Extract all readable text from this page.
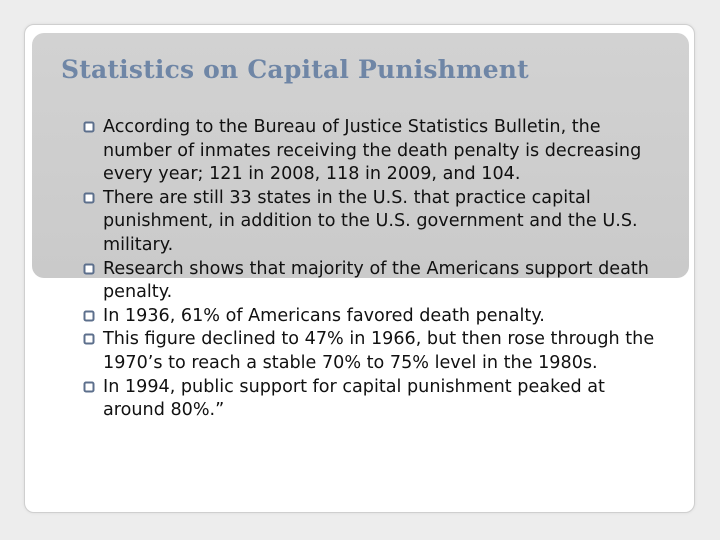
Statistics on Capital Punishment
According to the Bureau of Justice Statistics Bulletin, the number of inmates receiving the death penalty is decreasing every year; 121 in 2008, 118 in 2009, and 104.
There are still 33 states in the U.S. that practice capital punishment, in addition to the U.S. government and the U.S. military.
Research shows that majority of the Americans support death penalty.
In 1936, 61% of Americans favored death penalty.
This figure declined to 47% in 1966, but then rose through the 1970’s to reach a stable 70% to 75% level in the 1980s.
In 1994, public support for capital punishment peaked at around 80%.”
